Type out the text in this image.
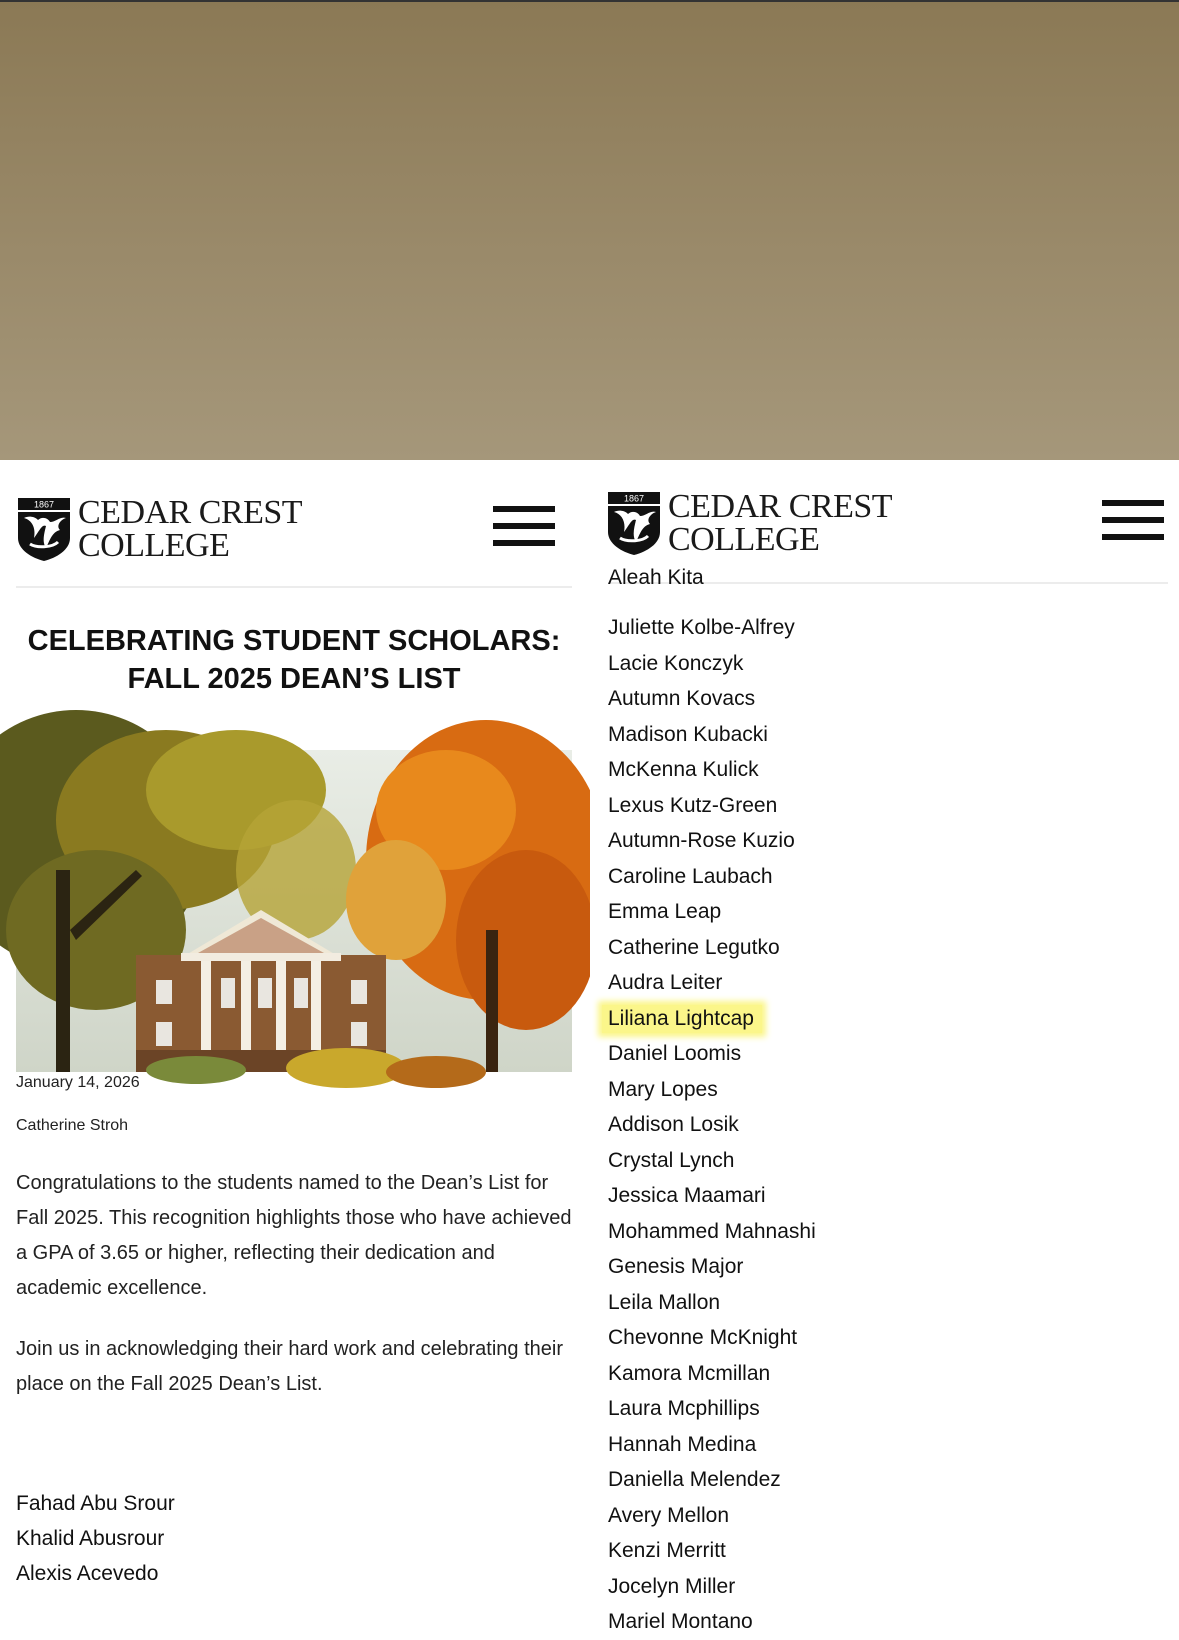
1867 CEDAR CREST
COLLEGE
CELEBRATING STUDENT SCHOLARS:
FALL 2025 DEAN’S LIST
January 14, 2026
Catherine Stroh
Congratulations to the students named to the Dean’s List for Fall 2025. This recognition highlights those who have achieved a GPA of 3.65 or higher, reflecting their dedication and academic excellence.
Join us in acknowledging their hard work and celebrating their place on the Fall 2025 Dean’s List.
Fahad Abu Srour
Khalid Abusrour
Alexis Acevedo
1867 CEDAR CREST
COLLEGE
Aleah Kita
Juliette Kolbe-Alfrey
Lacie Konczyk
Autumn Kovacs
Madison Kubacki
McKenna Kulick
Lexus Kutz-Green
Autumn-Rose Kuzio
Caroline Laubach
Emma Leap
Catherine Legutko
Audra Leiter
Liliana Lightcap
Daniel Loomis
Mary Lopes
Addison Losik
Crystal Lynch
Jessica Maamari
Mohammed Mahnashi
Genesis Major
Leila Mallon
Chevonne McKnight
Kamora Mcmillan
Laura Mcphillips
Hannah Medina
Daniella Melendez
Avery Mellon
Kenzi Merritt
Jocelyn Miller
Mariel Montano
